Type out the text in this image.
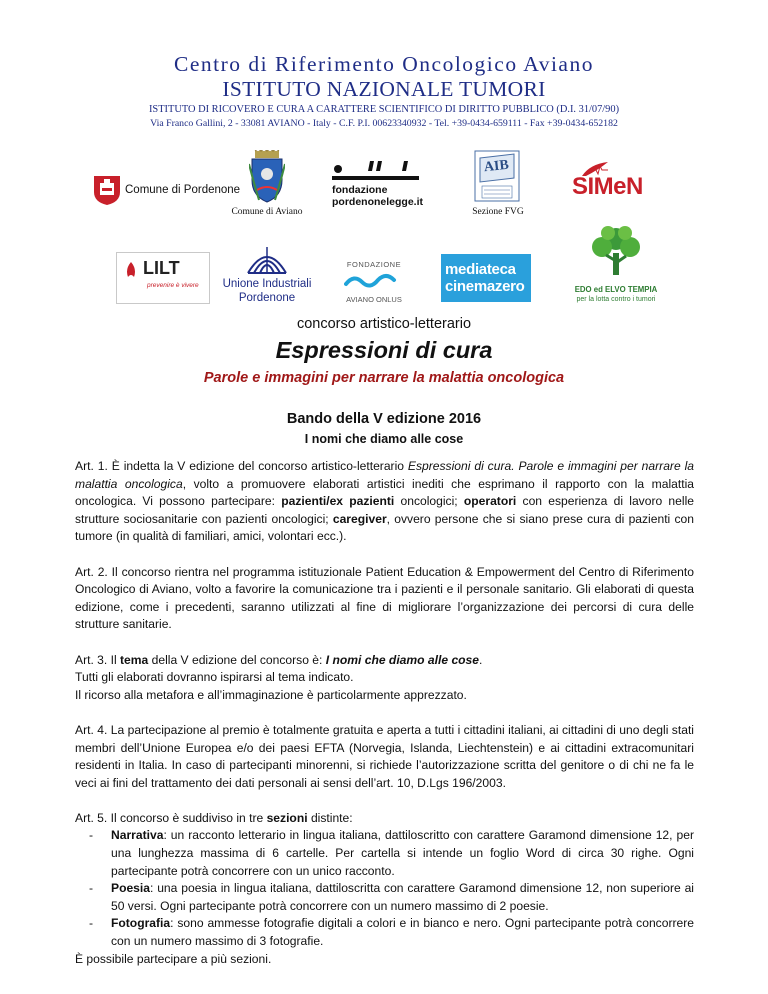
Centro di Riferimento Oncologico Aviano
ISTITUTO NAZIONALE TUMORI
ISTITUTO DI RICOVERO E CURA A CARATTERE SCIENTIFICO DI DIRITTO PUBBLICO (D.I. 31/07/90)
Via Franco Gallini, 2 - 33081 AVIANO - Italy - C.F. P.I. 00623340932 - Tel. +39-0434-659111 - Fax +39-0434-652182
Comune di Pordenone
Comune di Aviano
fondazione
pordenonelegge.it
AIB
Sezione FVG
SIMeN
LILT
prevenire è vivere Unione Industriali
Pordenone
FONDAZIONE
AVIANO ONLUS
mediateca
cinemazero	EDO ed ELVO TEMPIA
per la lotta contro i tumori
concorso artistico-letterario
Espressioni di cura
Parole e immagini per narrare la malattia oncologica
Bando della V edizione 2016
I nomi che diamo alle cose

Art. 1. È indetta la V edizione del concorso artistico-letterario Espressioni di cura. Parole e immagini per narrare la malattia oncologica, volto a promuovere elaborati artistici inediti che esprimano il rapporto con la malattia oncologica. Vi possono partecipare: pazienti/ex pazienti oncologici; operatori con esperienza di lavoro nelle strutture sociosanitarie con pazienti oncologici; caregiver, ovvero persone che si siano prese cura di pazienti con tumore (in qualità di familiari, amici, volontari ecc.).

Art. 2. Il concorso rientra nel programma istituzionale Patient Education & Empowerment del Centro di Riferimento Oncologico di Aviano, volto a favorire la comunicazione tra i pazienti e il personale sanitario. Gli elaborati di questa edizione, come i precedenti, saranno utilizzati al fine di migliorare l’organizzazione dei percorsi di cura delle strutture sanitarie.

Art. 3. Il tema della V edizione del concorso è: I nomi che diamo alle cose.
Tutti gli elaborati dovranno ispirarsi al tema indicato.
Il ricorso alla metafora e all’immaginazione è particolarmente apprezzato.

Art. 4. La partecipazione al premio è totalmente gratuita e aperta a tutti i cittadini italiani, ai cittadini di uno degli stati membri dell’Unione Europea e/o dei paesi EFTA (Norvegia, Islanda, Liechtenstein) e ai cittadini extracomunitari residenti in Italia. In caso di partecipanti minorenni, si richiede l’autorizzazione scritta del genitore o di chi ne fa le veci ai fini del trattamento dei dati personali ai sensi dell’art. 10, D.Lgs 196/2003.

Art. 5. Il concorso è suddiviso in tre sezioni distinte:
- Narrativa: un racconto letterario in lingua italiana, dattiloscritto con carattere Garamond dimensione 12, per una lunghezza massima di 6 cartelle. Per cartella si intende un foglio Word di circa 30 righe. Ogni partecipante potrà concorrere con un unico racconto.
- Poesia: una poesia in lingua italiana, dattiloscritta con carattere Garamond dimensione 12, non superiore ai 50 versi. Ogni partecipante potrà concorrere con un numero massimo di 2 poesie.
- Fotografia: sono ammesse fotografie digitali a colori e in bianco e nero. Ogni partecipante potrà concorrere con un numero massimo di 3 fotografie.
È possibile partecipare a più sezioni.
